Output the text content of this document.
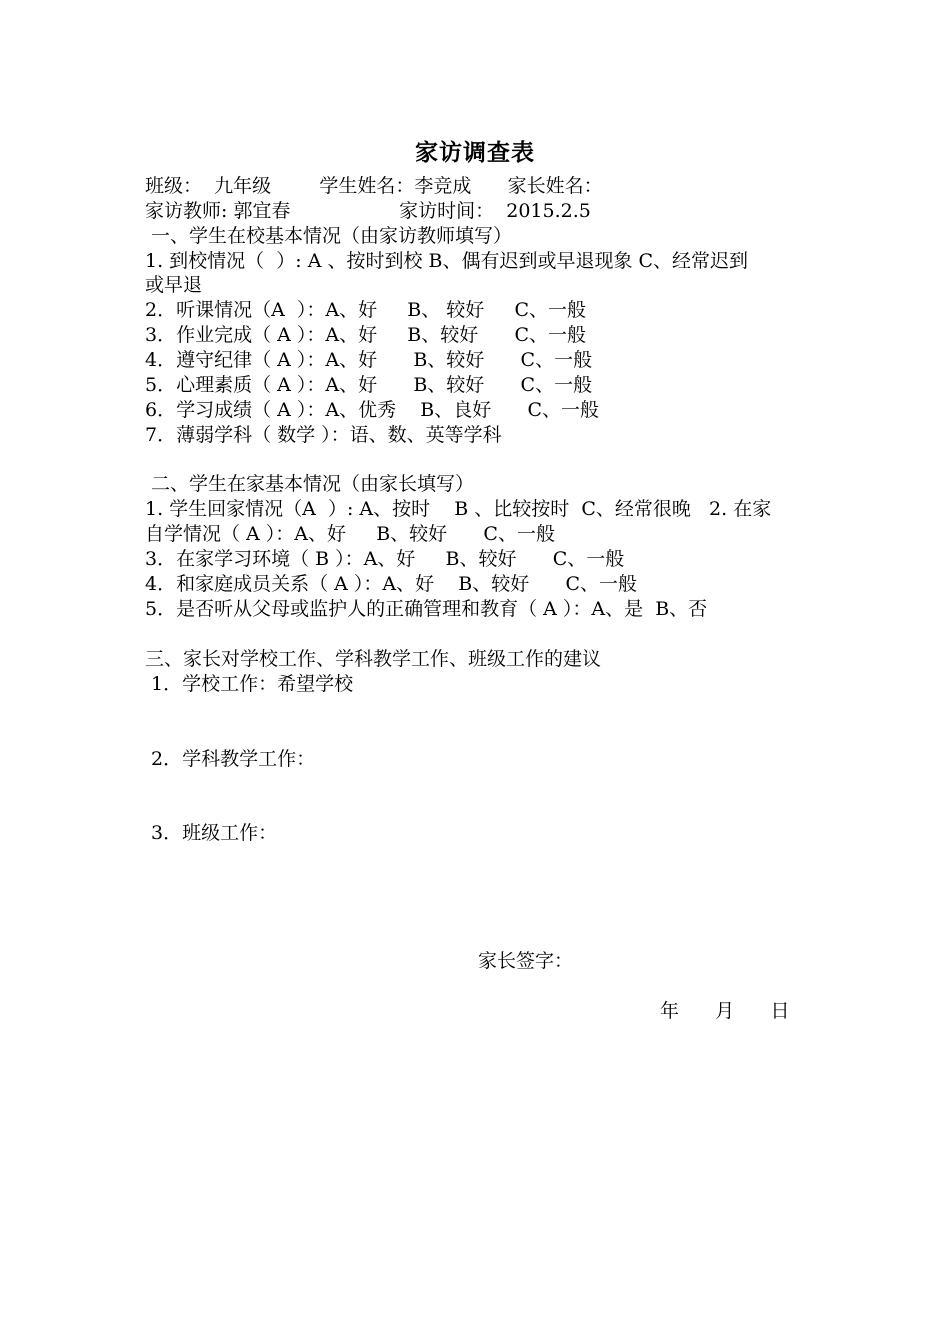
家访调查表
班级：  九年级        学生姓名：李竞成      家长姓名：
家访教师: 郭宜春                  家访时间：  2015.2.5
一、学生在校基本情况（由家访教师填写）
1. 到校情况（  ）: A 、按时到校 B、偶有迟到或早退现象 C、经常迟到
或早退
2．听课情况（A  ）：A、好     B、 较好     C、一般
3．作业完成（ A ）：A、好     B、较好      C、一般
4．遵守纪律（ A ）：A、好      B、较好      C、一般
5．心理素质（ A ）：A、好      B、较好      C、一般
6．学习成绩（ A ）：A、优秀    B、良好      C、一般
7．薄弱学科（ 数学 ）：语、数、英等学科
二、学生在家基本情况（由家长填写）
1. 学生回家情况（A  ）: A、按时    B 、比较按时  C、经常很晚   2. 在家
自学情况（ A ）：A、好     B、较好      C、一般
3．在家学习环境（ B ）：A、好     B、较好      C、一般
4．和家庭成员关系（ A ）：A、好    B、较好      C、一般
5．是否听从父母或监护人的正确管理和教育（ A ）：A、是  B、否
三、家长对学校工作、学科教学工作、班级工作的建议
1．学校工作：希望学校
2．学科教学工作：
3．班级工作：
家长签字：
年      月      日
